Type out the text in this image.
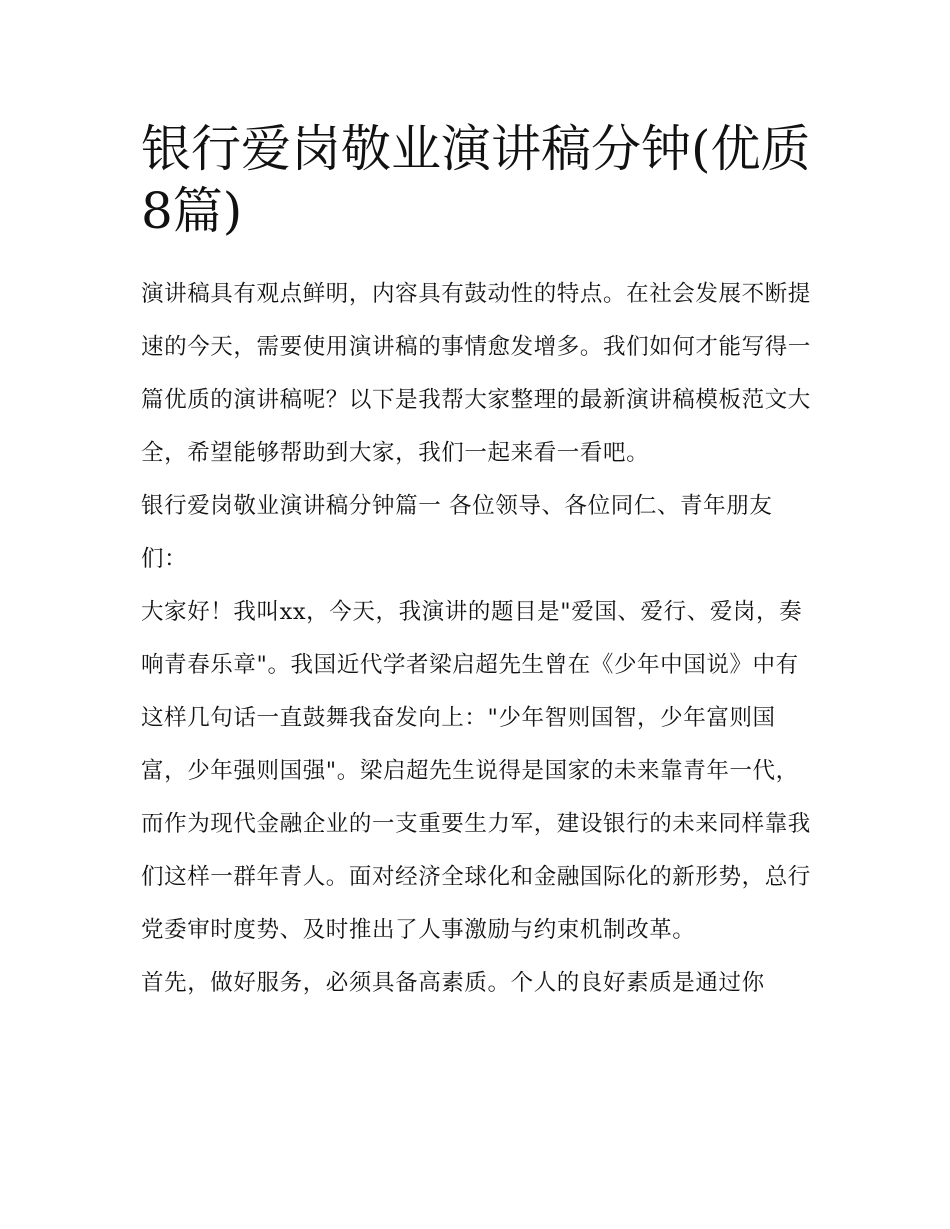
银行爱岗敬业演讲稿分钟(优质8篇)

演讲稿具有观点鲜明，内容具有鼓动性的特点。在社会发展不断提速的今天，需要使用演讲稿的事情愈发增多。我们如何才能写得一篇优质的演讲稿呢？以下是我帮大家整理的最新演讲稿模板范文大全，希望能够帮助到大家，我们一起来看一看吧。

银行爱岗敬业演讲稿分钟篇一 各位领导、各位同仁、青年朋友们：

大家好！我叫xx，今天，我演讲的题目是"爱国、爱行、爱岗，奏响青春乐章"。我国近代学者梁启超先生曾在《少年中国说》中有这样几句话一直鼓舞我奋发向上："少年智则国智，少年富则国富，少年强则国强"。梁启超先生说得是国家的未来靠青年一代，而作为现代金融企业的一支重要生力军，建设银行的未来同样靠我们这样一群年青人。面对经济全球化和金融国际化的新形势，总行党委审时度势、及时推出了人事激励与约束机制改革。

首先，做好服务，必须具备高素质。个人的良好素质是通过你
